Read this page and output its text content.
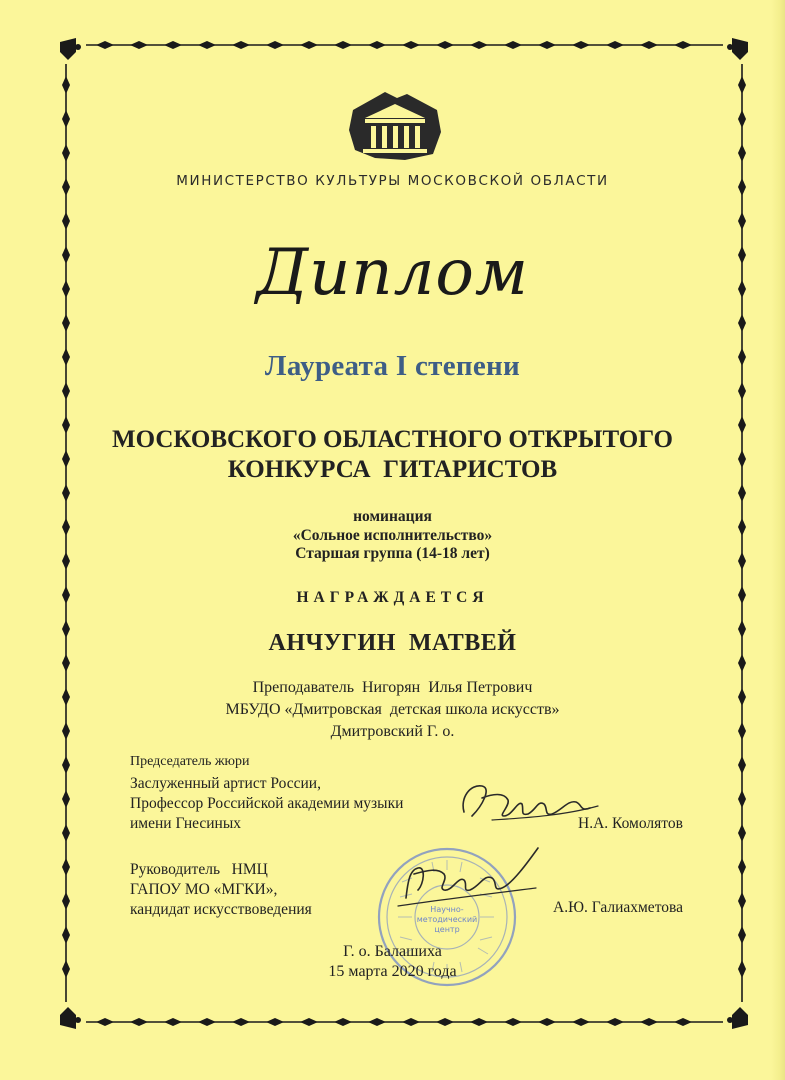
МИНИСТЕРСТВО КУЛЬТУРЫ МОСКОВСКОЙ ОБЛАСТИ
Диплом
Лауреата I степени
МОСКОВСКОГО ОБЛАСТНОГО ОТКРЫТОГО
КОНКУРСА  ГИТАРИСТОВ
номинация
«Сольное исполнительство»
Старшая группа (14-18 лет)
НАГРАЖДАЕТСЯ
АНЧУГИН  МАТВЕЙ
Преподаватель  Нигорян  Илья Петрович
МБУДО «Дмитровская  детская школа искусств»
Дмитровский Г. о.
Председатель жюри
Заслуженный артист России,
Профессор Российской академии музыки
имени Гнесиных	Н.А. Комолятов
Руководитель   НМЦ
ГАПОУ МО «МГКИ»,
кандидат искусствоведения	А.Ю. Галиахметова
Научно-
методический
центр
Г. о. Балашиха
15 марта 2020 года
